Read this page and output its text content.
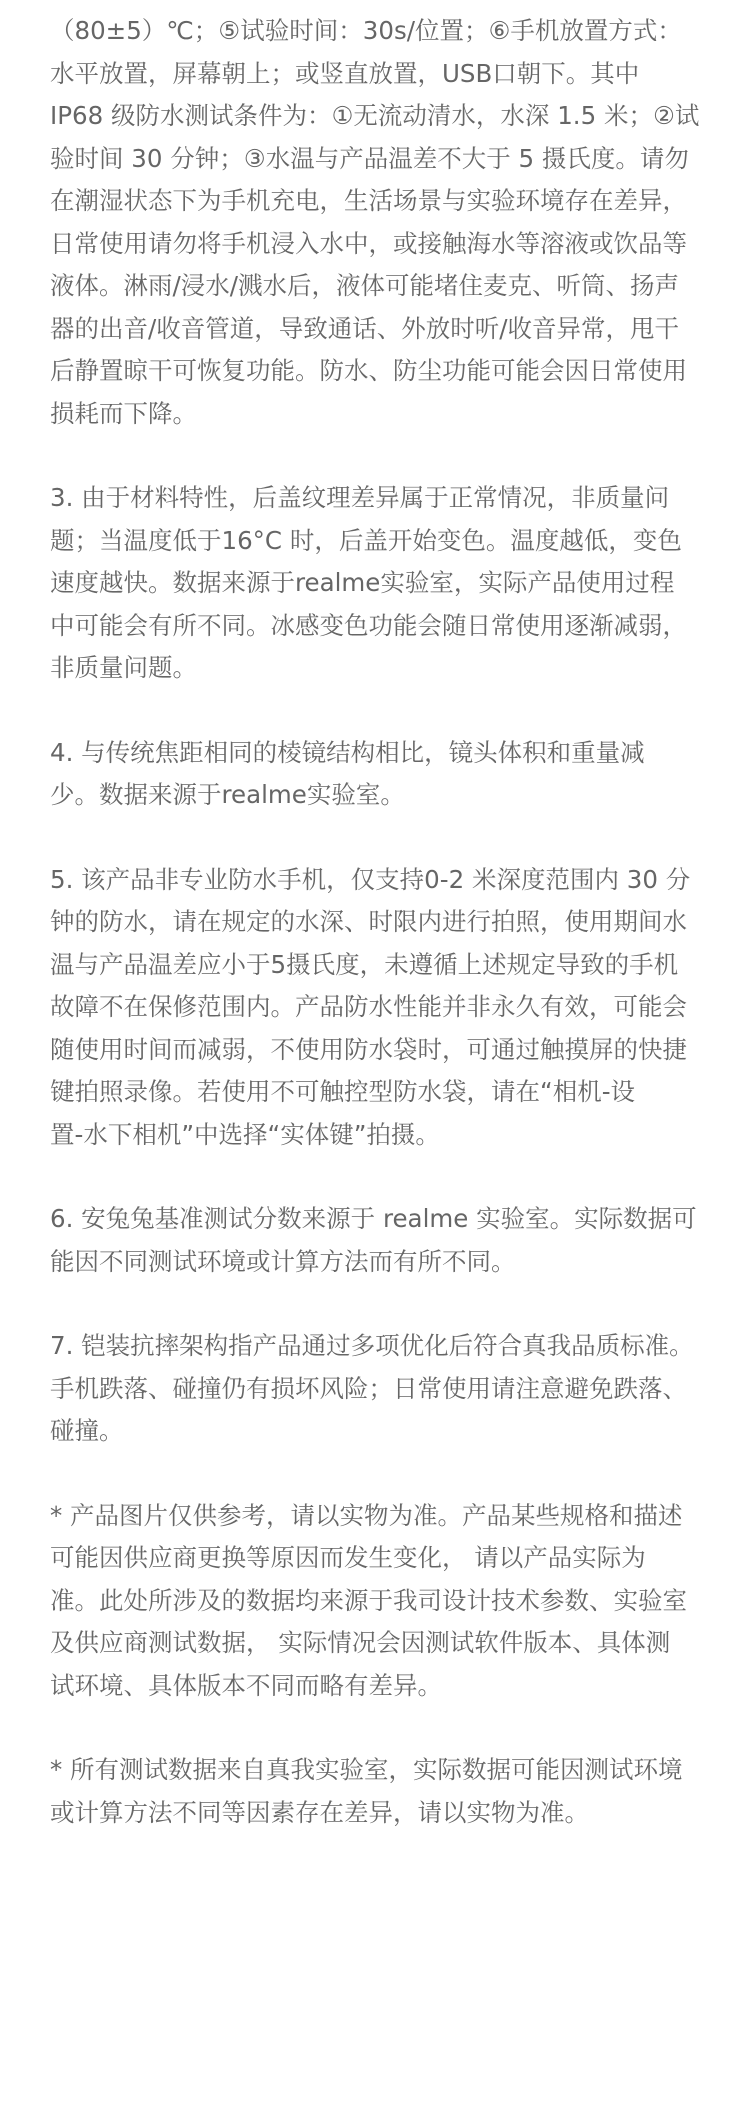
（80±5）℃；⑤试验时间：30s/位置；⑥手机放置方式：
水平放置，屏幕朝上；或竖直放置，USB口朝下。其中
IP68 级防水测试条件为：①无流动清水，水深 1.5 米；②试
验时间 30 分钟；③水温与产品温差不大于 5 摄氏度。请勿
在潮湿状态下为手机充电，生活场景与实验环境存在差异，
日常使用请勿将手机浸入水中，或接触海水等溶液或饮品等
液体。淋雨/浸水/溅水后，液体可能堵住麦克、听筒、扬声
器的出音/收音管道，导致通话、外放时听/收音异常，甩干
后静置晾干可恢复功能。防水、防尘功能可能会因日常使用
损耗而下降。

3. 由于材料特性，后盖纹理差异属于正常情况，非质量问
题；当温度低于16°C 时，后盖开始变色。温度越低，变色
速度越快。数据来源于realme实验室，实际产品使用过程
中可能会有所不同。冰感变色功能会随日常使用逐渐减弱，
非质量问题。

4. 与传统焦距相同的棱镜结构相比，镜头体积和重量减
少。数据来源于realme实验室。

5. 该产品非专业防水手机，仅支持0-2 米深度范围内 30 分
钟的防水，请在规定的水深、时限内进行拍照，使用期间水
温与产品温差应小于5摄氏度，未遵循上述规定导致的手机
故障不在保修范围内。产品防水性能并非永久有效，可能会
随使用时间而减弱，不使用防水袋时，可通过触摸屏的快捷
键拍照录像。若使用不可触控型防水袋，请在“相机-设
置-水下相机”中选择“实体键”拍摄。

6. 安兔兔基准测试分数来源于 realme 实验室。实际数据可
能因不同测试环境或计算方法而有所不同。

7. 铠装抗摔架构指产品通过多项优化后符合真我品质标准。
手机跌落、碰撞仍有损坏风险；日常使用请注意避免跌落、
碰撞。

* 产品图片仅供参考，请以实物为准。产品某些规格和描述
可能因供应商更换等原因而发生变化， 请以产品实际为
准。此处所涉及的数据均来源于我司设计技术参数、实验室
及供应商测试数据， 实际情况会因测试软件版本、具体测
试环境、具体版本不同而略有差异。

* 所有测试数据来自真我实验室，实际数据可能因测试环境
或计算方法不同等因素存在差异，请以实物为准。
